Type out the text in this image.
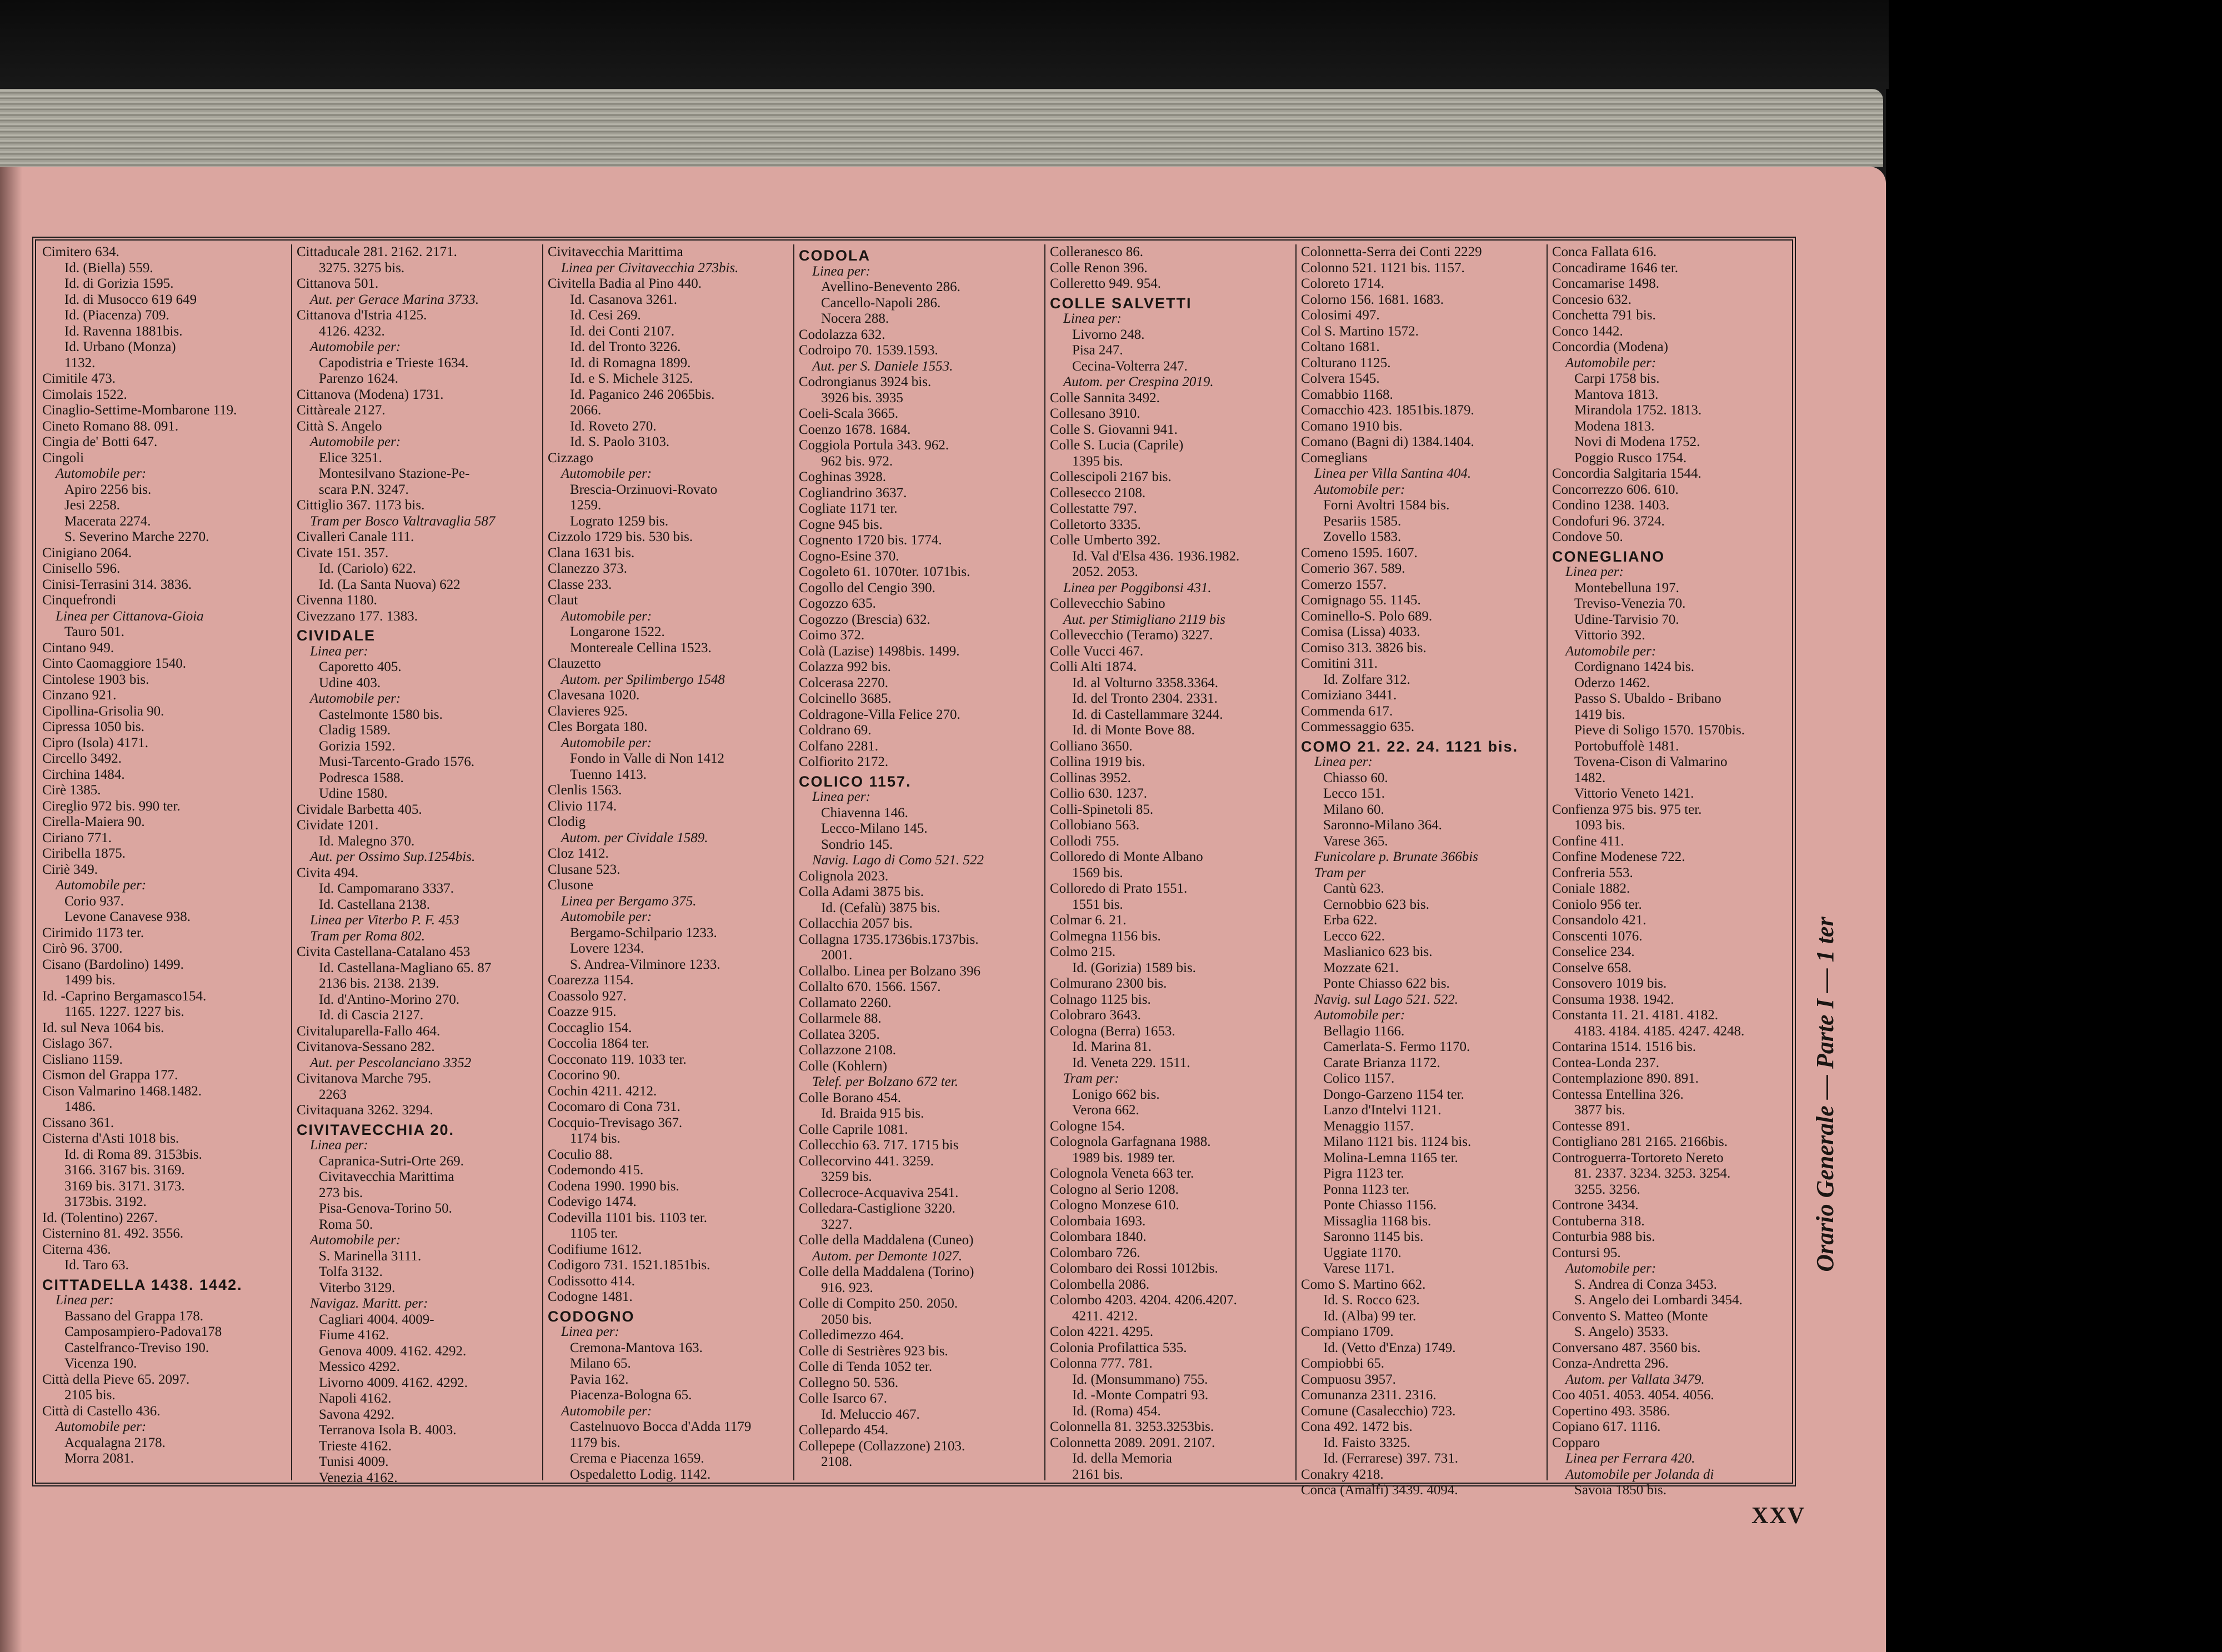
Cimitero 634.
Id. (Biella) 559.
Id. di Gorizia 1595.
Id. di Musocco 619 649
Id. (Piacenza) 709.
Id. Ravenna 1881bis.
Id. Urbano (Monza)
1132.
Cimitile 473.
Cimolais 1522.
Cinaglio-Settime-Mombarone 119.
Cineto Romano 88. 091.
Cingia de' Botti 647.
Cingoli
Automobile per:
Apiro 2256 bis.
Jesi 2258.
Macerata 2274.
S. Severino Marche 2270.
Cinigiano 2064.
Cinisello 596.
Cinisi-Terrasini 314. 3836.
Cinquefrondi
Linea per Cittanova-Gioia
Tauro 501.
Cintano 949.
Cinto Caomaggiore 1540.
Cintolese 1903 bis.
Cinzano 921.
Cipollina-Grisolia 90.
Cipressa 1050 bis.
Cipro (Isola) 4171.
Circello 3492.
Circhina 1484.
Cirè 1385.
Cireglio 972 bis. 990 ter.
Cirella-Maiera 90.
Ciriano 771.
Ciribella 1875.
Ciriè 349.
Automobile per:
Corio 937.
Levone Canavese 938.
Cirimido 1173 ter.
Cirò 96. 3700.
Cisano (Bardolino) 1499.
1499 bis.
Id. -Caprino Bergamasco154.
1165. 1227. 1227 bis.
Id. sul Neva 1064 bis.
Cislago 367.
Cisliano 1159.
Cismon del Grappa 177.
Cison Valmarino 1468.1482.
1486.
Cissano 361.
Cisterna d'Asti 1018 bis.
Id. di Roma 89. 3153bis.
3166. 3167 bis. 3169.
3169 bis. 3171. 3173.
3173bis. 3192.
Id. (Tolentino) 2267.
Cisternino 81. 492. 3556.
Citerna 436.
Id. Taro 63.
CITTADELLA 1438. 1442.
Linea per:
Bassano del Grappa 178.
Camposampiero-Padova178
Castelfranco-Treviso 190.
Vicenza 190.
Città della Pieve 65. 2097.
2105 bis.
Città di Castello 436.
Automobile per:
Acqualagna 2178.
Morra 2081.
Cittaducale 281. 2162. 2171.
3275. 3275 bis.
Cittanova 501.
Aut. per Gerace Marina 3733.
Cittanova d'Istria 4125.
4126. 4232.
Automobile per:
Capodistria e Trieste 1634.
Parenzo 1624.
Cittanova (Modena) 1731.
Cittàreale 2127.
Città S. Angelo
Automobile per:
Elice 3251.
Montesilvano Stazione-Pe-
scara P.N. 3247.
Cittiglio 367. 1173 bis.
Tram per Bosco Valtravaglia 587
Civalleri Canale 111.
Civate 151. 357.
Id. (Cariolo) 622.
Id. (La Santa Nuova) 622
Civenna 1180.
Civezzano 177. 1383.
CIVIDALE
Linea per:
Caporetto 405.
Udine 403.
Automobile per:
Castelmonte 1580 bis.
Cladig 1589.
Gorizia 1592.
Musi-Tarcento-Grado 1576.
Podresca 1588.
Udine 1580.
Cividale Barbetta 405.
Cividate 1201.
Id. Malegno 370.
Aut. per Ossimo Sup.1254bis.
Civita 494.
Id. Campomarano 3337.
Id. Castellana 2138.
Linea per Viterbo P. F. 453
Tram per Roma 802.
Civita Castellana-Catalano 453
Id. Castellana-Magliano 65. 87
2136 bis. 2138. 2139.
Id. d'Antino-Morino 270.
Id. di Cascia 2127.
Civitaluparella-Fallo 464.
Civitanova-Sessano 282.
Aut. per Pescolanciano 3352
Civitanova Marche 795.
2263
Civitaquana 3262. 3294.
CIVITAVECCHIA 20.
Linea per:
Capranica-Sutri-Orte 269.
Civitavecchia Marittima
273 bis.
Pisa-Genova-Torino 50.
Roma 50.
Automobile per:
S. Marinella 3111.
Tolfa 3132.
Viterbo 3129.
Navigaz. Maritt. per:
Cagliari 4004. 4009-
Fiume 4162.
Genova 4009. 4162. 4292.
Messico 4292.
Livorno 4009. 4162. 4292.
Napoli 4162.
Savona 4292.
Terranova Isola B. 4003.
Trieste 4162.
Tunisi 4009.
Venezia 4162.
Civitavecchia Marittima
Linea per Civitavecchia 273bis.
Civitella Badia al Pino 440.
Id. Casanova 3261.
Id. Cesi 269.
Id. dei Conti 2107.
Id. del Tronto 3226.
Id. di Romagna 1899.
Id. e S. Michele 3125.
Id. Paganico 246 2065bis.
2066.
Id. Roveto 270.
Id. S. Paolo 3103.
Cizzago
Automobile per:
Brescia-Orzinuovi-Rovato
1259.
Lograto 1259 bis.
Cizzolo 1729 bis. 530 bis.
Clana 1631 bis.
Clanezzo 373.
Classe 233.
Claut
Automobile per:
Longarone 1522.
Montereale Cellina 1523.
Clauzetto
Autom. per Spilimbergo 1548
Clavesana 1020.
Clavieres 925.
Cles Borgata 180.
Automobile per:
Fondo in Valle di Non 1412
Tuenno 1413.
Clenlis 1563.
Clivio 1174.
Clodig
Autom. per Cividale 1589.
Cloz 1412.
Clusane 523.
Clusone
Linea per Bergamo 375.
Automobile per:
Bergamo-Schilpario 1233.
Lovere 1234.
S. Andrea-Vilminore 1233.
Coarezza 1154.
Coassolo 927.
Coazze 915.
Coccaglio 154.
Coccolia 1864 ter.
Cocconato 119. 1033 ter.
Cocorino 90.
Cochin 4211. 4212.
Cocomaro di Cona 731.
Cocquio-Trevisago 367.
1174 bis.
Coculio 88.
Codemondo 415.
Codena 1990. 1990 bis.
Codevigo 1474.
Codevilla 1101 bis. 1103 ter.
1105 ter.
Codifiume 1612.
Codigoro 731. 1521.1851bis.
Codissotto 414.
Codogne 1481.
CODOGNO
Linea per:
Cremona-Mantova 163.
Milano 65.
Pavia 162.
Piacenza-Bologna 65.
Automobile per:
Castelnuovo Bocca d'Adda 1179
1179 bis.
Crema e Piacenza 1659.
Ospedaletto Lodig. 1142.
CODOLA
Linea per:
Avellino-Benevento 286.
Cancello-Napoli 286.
Nocera 288.
Codolazza 632.
Codroipo 70. 1539.1593.
Aut. per S. Daniele 1553.
Codrongianus 3924 bis.
3926 bis. 3935
Coeli-Scala 3665.
Coenzo 1678. 1684.
Coggiola Portula 343. 962.
962 bis. 972.
Coghinas 3928.
Cogliandrino 3637.
Cogliate 1171 ter.
Cogne 945 bis.
Cognento 1720 bis. 1774.
Cogno-Esine 370.
Cogoleto 61. 1070ter. 1071bis.
Cogollo del Cengio 390.
Cogozzo 635.
Cogozzo (Brescia) 632.
Coimo 372.
Colà (Lazise) 1498bis. 1499.
Colazza 992 bis.
Colcerasa 2270.
Colcinello 3685.
Coldragone-Villa Felice 270.
Coldrano 69.
Colfano 2281.
Colfiorito 2172.
COLICO 1157.
Linea per:
Chiavenna 146.
Lecco-Milano 145.
Sondrio 145.
Navig. Lago di Como 521. 522
Colignola 2023.
Colla Adami 3875 bis.
Id. (Cefalù) 3875 bis.
Collacchia 2057 bis.
Collagna 1735.1736bis.1737bis.
2001.
Collalbo. Linea per Bolzano 396
Collalto 670. 1566. 1567.
Collamato 2260.
Collarmele 88.
Collatea 3205.
Collazzone 2108.
Colle (Kohlern)
Telef. per Bolzano 672 ter.
Colle Borano 454.
Id. Braida 915 bis.
Colle Caprile 1081.
Collecchio 63. 717. 1715 bis
Collecorvino 441. 3259.
3259 bis.
Collecroce-Acquaviva 2541.
Colledara-Castiglione 3220.
3227.
Colle della Maddalena (Cuneo)
Autom. per Demonte 1027.
Colle della Maddalena (Torino)
916. 923.
Colle di Compito 250. 2050.
2050 bis.
Colledimezzo 464.
Colle di Sestrières 923 bis.
Colle di Tenda 1052 ter.
Collegno 50. 536.
Colle Isarco 67.
Id. Meluccio 467.
Collepardo 454.
Collepepe (Collazzone) 2103.
2108.
Colleranesco 86.
Colle Renon 396.
Colleretto 949. 954.
COLLE SALVETTI
Linea per:
Livorno 248.
Pisa 247.
Cecina-Volterra 247.
Autom. per Crespina 2019.
Colle Sannita 3492.
Collesano 3910.
Colle S. Giovanni 941.
Colle S. Lucia (Caprile)
1395 bis.
Collescipoli 2167 bis.
Collesecco 2108.
Collestatte 797.
Colletorto 3335.
Colle Umberto 392.
Id. Val d'Elsa 436. 1936.1982.
2052. 2053.
Linea per Poggibonsi 431.
Collevecchio Sabino
Aut. per Stimigliano 2119 bis
Collevecchio (Teramo) 3227.
Colle Vucci 467.
Colli Alti 1874.
Id. al Volturno 3358.3364.
Id. del Tronto 2304. 2331.
Id. di Castellammare 3244.
Id. di Monte Bove 88.
Colliano 3650.
Collina 1919 bis.
Collinas 3952.
Collio 630. 1237.
Colli-Spinetoli 85.
Collobiano 563.
Collodi 755.
Colloredo di Monte Albano
1569 bis.
Colloredo di Prato 1551.
1551 bis.
Colmar 6. 21.
Colmegna 1156 bis.
Colmo 215.
Id. (Gorizia) 1589 bis.
Colmurano 2300 bis.
Colnago 1125 bis.
Colobraro 3643.
Cologna (Berra) 1653.
Id. Marina 81.
Id. Veneta 229. 1511.
Tram per:
Lonigo 662 bis.
Verona 662.
Cologne 154.
Colognola Garfagnana 1988.
1989 bis. 1989 ter.
Colognola Veneta 663 ter.
Cologno al Serio 1208.
Cologno Monzese 610.
Colombaia 1693.
Colombara 1840.
Colombaro 726.
Colombaro dei Rossi 1012bis.
Colombella 2086.
Colombo 4203. 4204. 4206.4207.
4211. 4212.
Colon 4221. 4295.
Colonia Profilattica 535.
Colonna 777. 781.
Id. (Monsummano) 755.
Id. -Monte Compatri 93.
Id. (Roma) 454.
Colonnella 81. 3253.3253bis.
Colonnetta 2089. 2091. 2107.
Id. della Memoria
2161 bis.
Colonnetta-Serra dei Conti 2229
Colonno 521. 1121 bis. 1157.
Coloreto 1714.
Colorno 156. 1681. 1683.
Colosimi 497.
Col S. Martino 1572.
Coltano 1681.
Colturano 1125.
Colvera 1545.
Comabbio 1168.
Comacchio 423. 1851bis.1879.
Comano 1910 bis.
Comano (Bagni di) 1384.1404.
Comeglians
Linea per Villa Santina 404.
Automobile per:
Forni Avoltri 1584 bis.
Pesariis 1585.
Zovello 1583.
Comeno 1595. 1607.
Comerio 367. 589.
Comerzo 1557.
Comignago 55. 1145.
Cominello-S. Polo 689.
Comisa (Lissa) 4033.
Comiso 313. 3826 bis.
Comitini 311.
Id. Zolfare 312.
Comiziano 3441.
Commenda 617.
Commessaggio 635.
COMO 21. 22. 24. 1121 bis.
Linea per:
Chiasso 60.
Lecco 151.
Milano 60.
Saronno-Milano 364.
Varese 365.
Funicolare p. Brunate 366bis
Tram per
Cantù 623.
Cernobbio 623 bis.
Erba 622.
Lecco 622.
Maslianico 623 bis.
Mozzate 621.
Ponte Chiasso 622 bis.
Navig. sul Lago 521. 522.
Automobile per:
Bellagio 1166.
Camerlata-S. Fermo 1170.
Carate Brianza 1172.
Colico 1157.
Dongo-Garzeno 1154 ter.
Lanzo d'Intelvi 1121.
Menaggio 1157.
Milano 1121 bis. 1124 bis.
Molina-Lemna 1165 ter.
Pigra 1123 ter.
Ponna 1123 ter.
Ponte Chiasso 1156.
Missaglia 1168 bis.
Saronno 1145 bis.
Uggiate 1170.
Varese 1171.
Como S. Martino 662.
Id. S. Rocco 623.
Id. (Alba) 99 ter.
Compiano 1709.
Id. (Vetto d'Enza) 1749.
Compiobbi 65.
Compuosu 3957.
Comunanza 2311. 2316.
Comune (Casalecchio) 723.
Cona 492. 1472 bis.
Id. Faisto 3325.
Id. (Ferrarese) 397. 731.
Conakry 4218.
Conca (Amalfi) 3439. 4094.
Conca Fallata 616.
Concadirame 1646 ter.
Concamarise 1498.
Concesio 632.
Conchetta 791 bis.
Conco 1442.
Concordia (Modena)
Automobile per:
Carpi 1758 bis.
Mantova 1813.
Mirandola 1752. 1813.
Modena 1813.
Novi di Modena 1752.
Poggio Rusco 1754.
Concordia Salgitaria 1544.
Concorrezzo 606. 610.
Condino 1238. 1403.
Condofuri 96. 3724.
Condove 50.
CONEGLIANO
Linea per:
Montebelluna 197.
Treviso-Venezia 70.
Udine-Tarvisio 70.
Vittorio 392.
Automobile per:
Cordignano 1424 bis.
Oderzo 1462.
Passo S. Ubaldo - Bribano
1419 bis.
Pieve di Soligo 1570. 1570bis.
Portobuffolè 1481.
Tovena-Cison di Valmarino
1482.
Vittorio Veneto 1421.
Confienza 975 bis. 975 ter.
1093 bis.
Confine 411.
Confine Modenese 722.
Confreria 553.
Coniale 1882.
Coniolo 956 ter.
Consandolo 421.
Conscenti 1076.
Conselice 234.
Conselve 658.
Consovero 1019 bis.
Consuma 1938. 1942.
Constanta 11. 21. 4181. 4182.
4183. 4184. 4185. 4247. 4248.
Contarina 1514. 1516 bis.
Contea-Londa 237.
Contemplazione 890. 891.
Contessa Entellina 326.
3877 bis.
Contesse 891.
Contigliano 281 2165. 2166bis.
Controguerra-Tortoreto Nereto
81. 2337. 3234. 3253. 3254.
3255. 3256.
Controne 3434.
Contuberna 318.
Conturbia 988 bis.
Contursi 95.
Automobile per:
S. Andrea di Conza 3453.
S. Angelo dei Lombardi 3454.
Convento S. Matteo (Monte
S. Angelo) 3533.
Conversano 487. 3560 bis.
Conza-Andretta 296.
Autom. per Vallata 3479.
Coo 4051. 4053. 4054. 4056.
Copertino 493. 3586.
Copiano 617. 1116.
Copparo
Linea per Ferrara 420.
Automobile per Jolanda di
Savoia 1850 bis.
Orario Generale — Parte I — 1 ter
XXV
